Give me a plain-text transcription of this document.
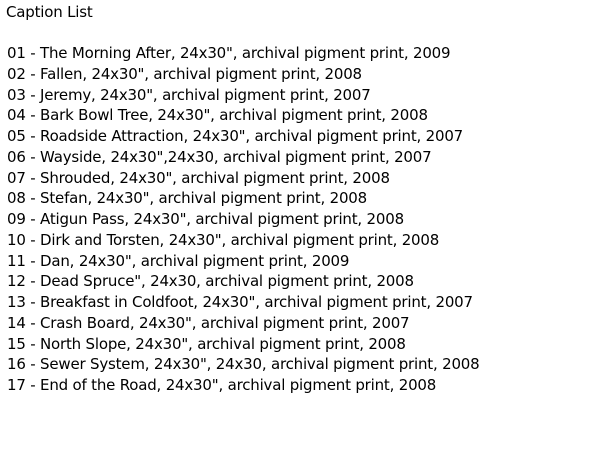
Caption List
01 - The Morning After, 24x30", archival pigment print, 2009
02 - Fallen, 24x30", archival pigment print, 2008
03 - Jeremy, 24x30", archival pigment print, 2007
04 - Bark Bowl Tree, 24x30", archival pigment print, 2008
05 - Roadside Attraction, 24x30", archival pigment print, 2007
06 - Wayside, 24x30",24x30, archival pigment print, 2007
07 - Shrouded, 24x30", archival pigment print, 2008
08 - Stefan, 24x30", archival pigment print, 2008
09 - Atigun Pass, 24x30", archival pigment print, 2008
10 - Dirk and Torsten, 24x30", archival pigment print, 2008
11 - Dan, 24x30", archival pigment print, 2009
12 - Dead Spruce", 24x30, archival pigment print, 2008
13 - Breakfast in Coldfoot, 24x30", archival pigment print, 2007
14 - Crash Board, 24x30", archival pigment print, 2007
15 - North Slope, 24x30", archival pigment print, 2008
16 - Sewer System, 24x30", 24x30, archival pigment print, 2008
17 - End of the Road, 24x30", archival pigment print, 2008
